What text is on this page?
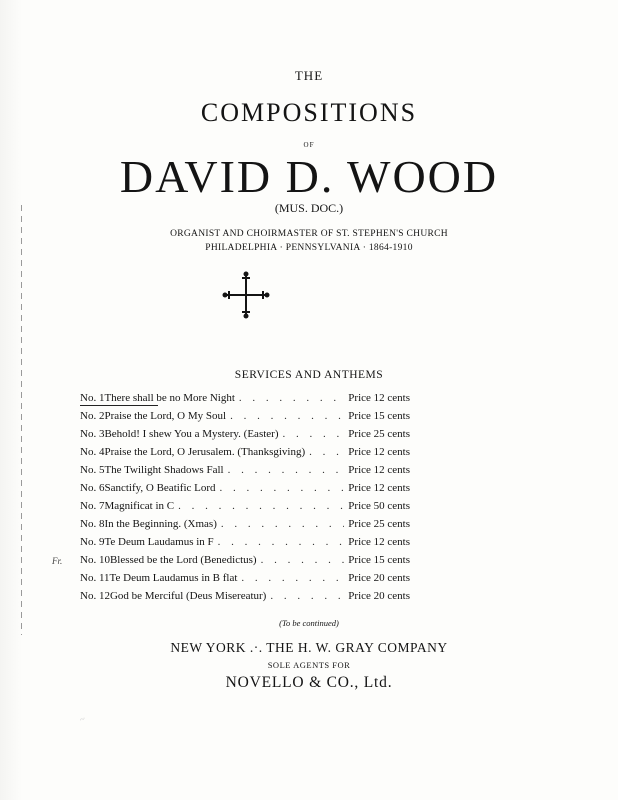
THE
COMPOSITIONS
OF
DAVID D. WOOD
(MUS. DOC.)
ORGANIST AND CHOIRMASTER OF ST. STEPHEN'S CHURCH
PHILADELPHIA · PENNSYLVANIA · 1864-1910
SERVICES AND ANTHEMS
No. 1 There shall be no More Night . . .	Price 12 cents
No. 2 Praise the Lord, O My Soul . . .	Price 15 cents
No. 3 Behold! I shew You a Mystery. (Easter) . . .	Price 25 cents
No. 4 Praise the Lord, O Jerusalem. (Thanksgiving) . . .	Price 12 cents
No. 5 The Twilight Shadows Fall . . .	Price 12 cents
No. 6 Sanctify, O Beatific Lord . . .	Price 12 cents
No. 7 Magnificat in C . . .	Price 50 cents
No. 8 In the Beginning. (Xmas) . . .	Price 25 cents
No. 9 Te Deum Laudamus in F . . .	Price 12 cents
No. 10 Blessed be the Lord (Benedictus) . . .	Price 15 cents
No. 11 Te Deum Laudamus in B flat . . .	Price 20 cents
No. 12 God be Merciful (Deus Misereatur) . . .	Price 20 cents
Fr.
(To be continued)
NEW YORK .·. THE H. W. GRAY COMPANY
SOLE AGENTS FOR
NOVELLO & CO., Ltd.
~
